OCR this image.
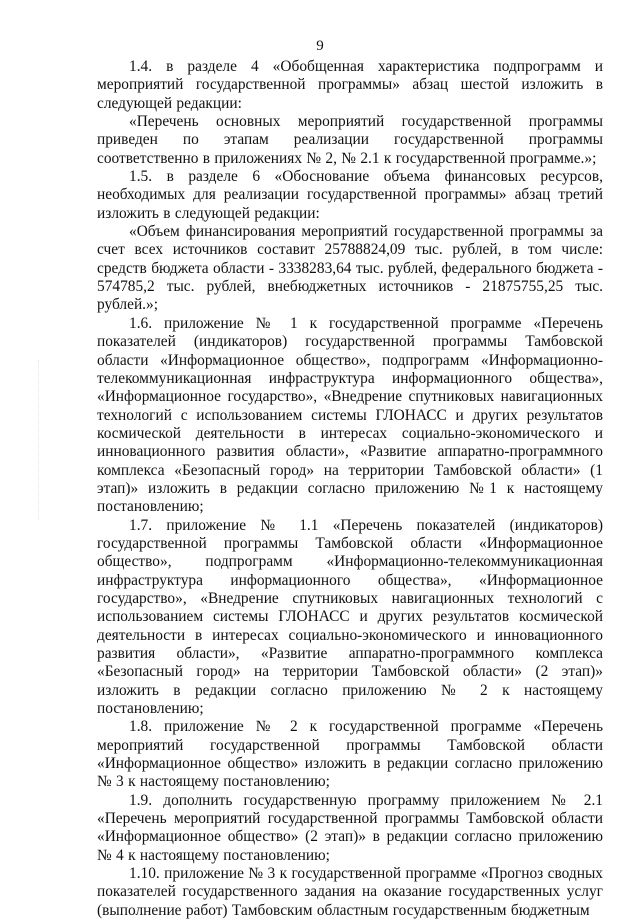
9

1.4. в разделе 4 «Обобщенная характеристика подпрограмм и мероприятий государственной программы» абзац шестой изложить в следующей редакции:

«Перечень основных мероприятий государственной программы приведен по этапам реализации государственной программы соответственно в приложениях № 2, № 2.1 к государственной программе.»;

1.5. в разделе 6 «Обоснование объема финансовых ресурсов, необходимых для реализации государственной программы» абзац третий изложить в следующей редакции:

«Объем финансирования мероприятий государственной программы за счет всех источников составит 25788824,09 тыс. рублей, в том числе: средств бюджета области - 3338283,64 тыс. рублей, федерального бюджета - 574785,2 тыс. рублей, внебюджетных источников - 21875755,25 тыс. рублей.»;

1.6. приложение № 1 к государственной программе «Перечень показателей (индикаторов) государственной программы Тамбовской области «Информационное общество», подпрограмм «Информационно-телекоммуникационная инфраструктура информационного общества», «Информационное государство», «Внедрение спутниковых навигационных технологий с использованием системы ГЛОНАСС и других результатов космической деятельности в интересах социально-экономического и инновационного развития области», «Развитие аппаратно-программного комплекса «Безопасный город» на территории Тамбовской области» (1 этап)» изложить в редакции согласно приложению №1 к настоящему постановлению;

1.7. приложение № 1.1 «Перечень показателей (индикаторов) государственной программы Тамбовской области «Информационное общество», подпрограмм «Информационно-телекоммуникационная инфраструктура информационного общества», «Информационное государство», «Внедрение спутниковых навигационных технологий с использованием системы ГЛОНАСС и других результатов космической деятельности в интересах социально-экономического и инновационного развития области», «Развитие аппаратно-программного комплекса «Безопасный город» на территории Тамбовской области» (2 этап)» изложить в редакции согласно приложению № 2 к настоящему постановлению;

1.8. приложение № 2 к государственной программе «Перечень мероприятий государственной программы Тамбовской области «Информационное общество» изложить в редакции согласно приложению № 3 к настоящему постановлению;

1.9. дополнить государственную программу приложением № 2.1 «Перечень мероприятий государственной программы Тамбовской области «Информационное общество» (2 этап)» в редакции согласно приложению № 4 к настоящему постановлению;

1.10. приложение № 3 к государственной программе «Прогноз сводных показателей государственного задания на оказание государственных услуг (выполнение работ) Тамбовским областным государственным бюджетным
